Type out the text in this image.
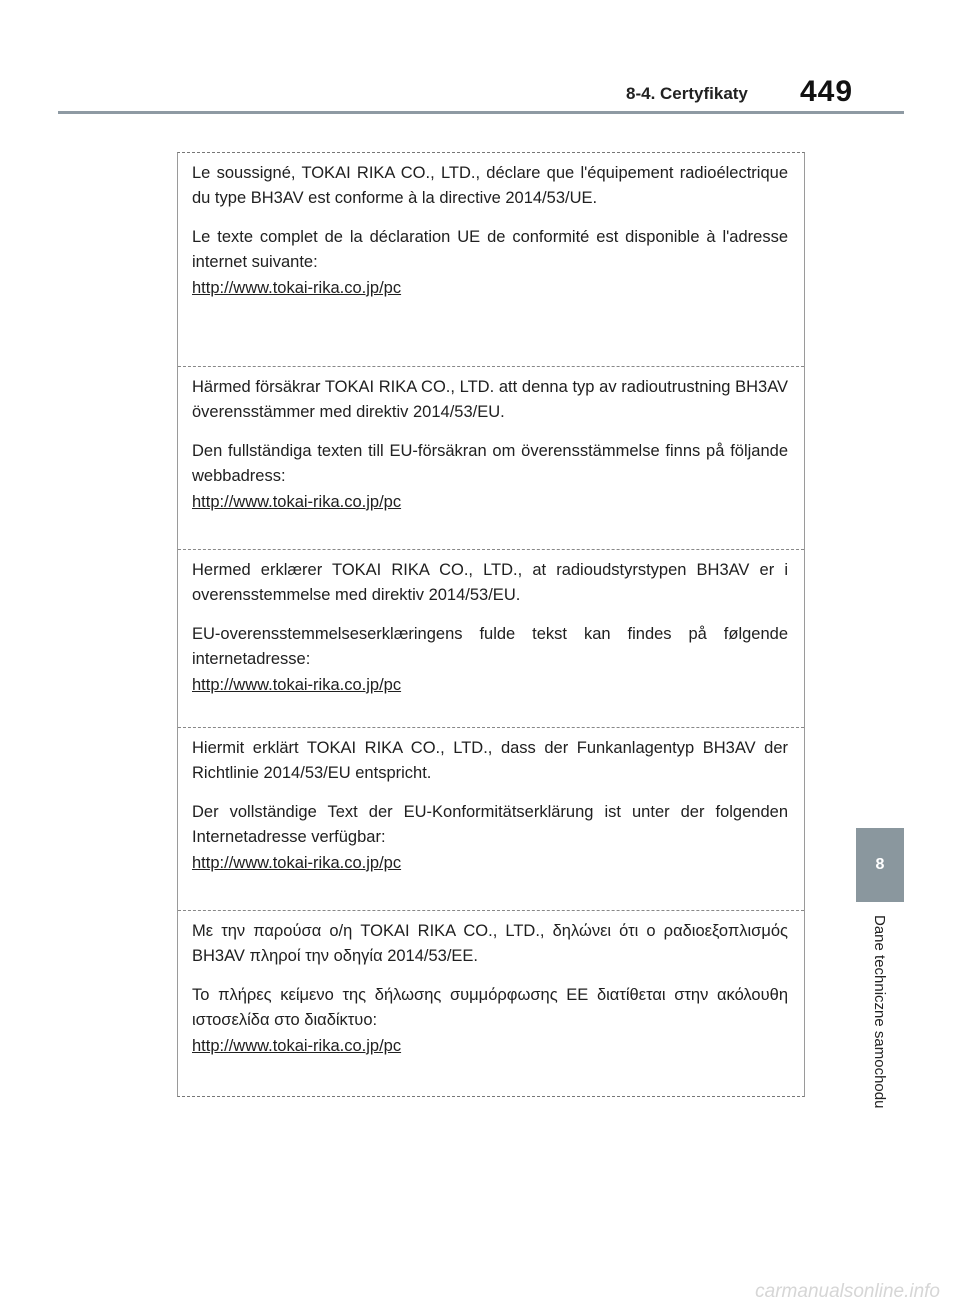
8-4. Certyfikaty 449

Le soussigné, TOKAI RIKA CO., LTD., déclare que l'équipement radioélectrique du type BH3AV est conforme à la directive 2014/53/UE.

Le texte complet de la déclaration UE de conformité est disponible à l'adresse internet suivante:

http://www.tokai-rika.co.jp/pc

Härmed försäkrar TOKAI RIKA CO., LTD. att denna typ av radioutrustning BH3AV överensstämmer med direktiv 2014/53/EU.

Den fullständiga texten till EU-försäkran om överensstämmelse finns på följande webbadress:

http://www.tokai-rika.co.jp/pc

Hermed erklærer TOKAI RIKA CO., LTD., at radioudstyrstypen BH3AV er i overensstemmelse med direktiv 2014/53/EU.

EU-overensstemmelseserklæringens fulde tekst kan findes på følgende internetadresse:

http://www.tokai-rika.co.jp/pc

Hiermit erklärt TOKAI RIKA CO., LTD., dass der Funkanlagentyp BH3AV der Richtlinie 2014/53/EU entspricht.

Der vollständige Text der EU-Konformitätserklärung ist unter der folgenden Internetadresse verfügbar:

http://www.tokai-rika.co.jp/pc

Με την παρούσα ο/η TOKAI RIKA CO., LTD., δηλώνει ότι ο ραδιοεξοπλισμός BH3AV πληροί την οδηγία 2014/53/ΕΕ.

Το πλήρες κείμενο της δήλωσης συμμόρφωσης ΕΕ διατίθεται στην ακόλουθη ιστοσελίδα στο διαδίκτυο:

http://www.tokai-rika.co.jp/pc
8
Dane techniczne samochodu
carmanualsonline.info
